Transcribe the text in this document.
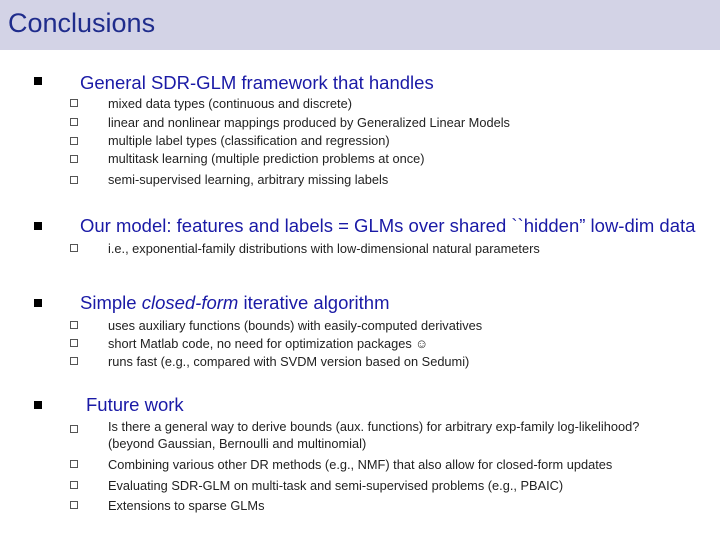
Conclusions
General SDR-GLM framework that handles
mixed data types (continuous and discrete)
linear and nonlinear mappings produced by Generalized Linear Models
multiple label types (classification and regression)
multitask learning (multiple prediction problems at once)
semi-supervised learning, arbitrary missing labels
Our model: features and labels = GLMs over shared ``hidden” low-dim data
i.e., exponential-family distributions with low-dimensional natural parameters
Simple closed-form iterative algorithm
uses auxiliary functions (bounds) with easily-computed derivatives
short Matlab code, no need for optimization packages ☺
runs fast (e.g., compared with SVDM version based on Sedumi)
Future work
Is there a general way to derive bounds (aux. functions) for arbitrary exp-family log-likelihood?
(beyond Gaussian, Bernoulli and multinomial)
Combining various other DR methods (e.g., NMF) that also allow for closed-form updates
Evaluating SDR-GLM on multi-task and semi-supervised problems (e.g., PBAIC)
Extensions to sparse GLMs
